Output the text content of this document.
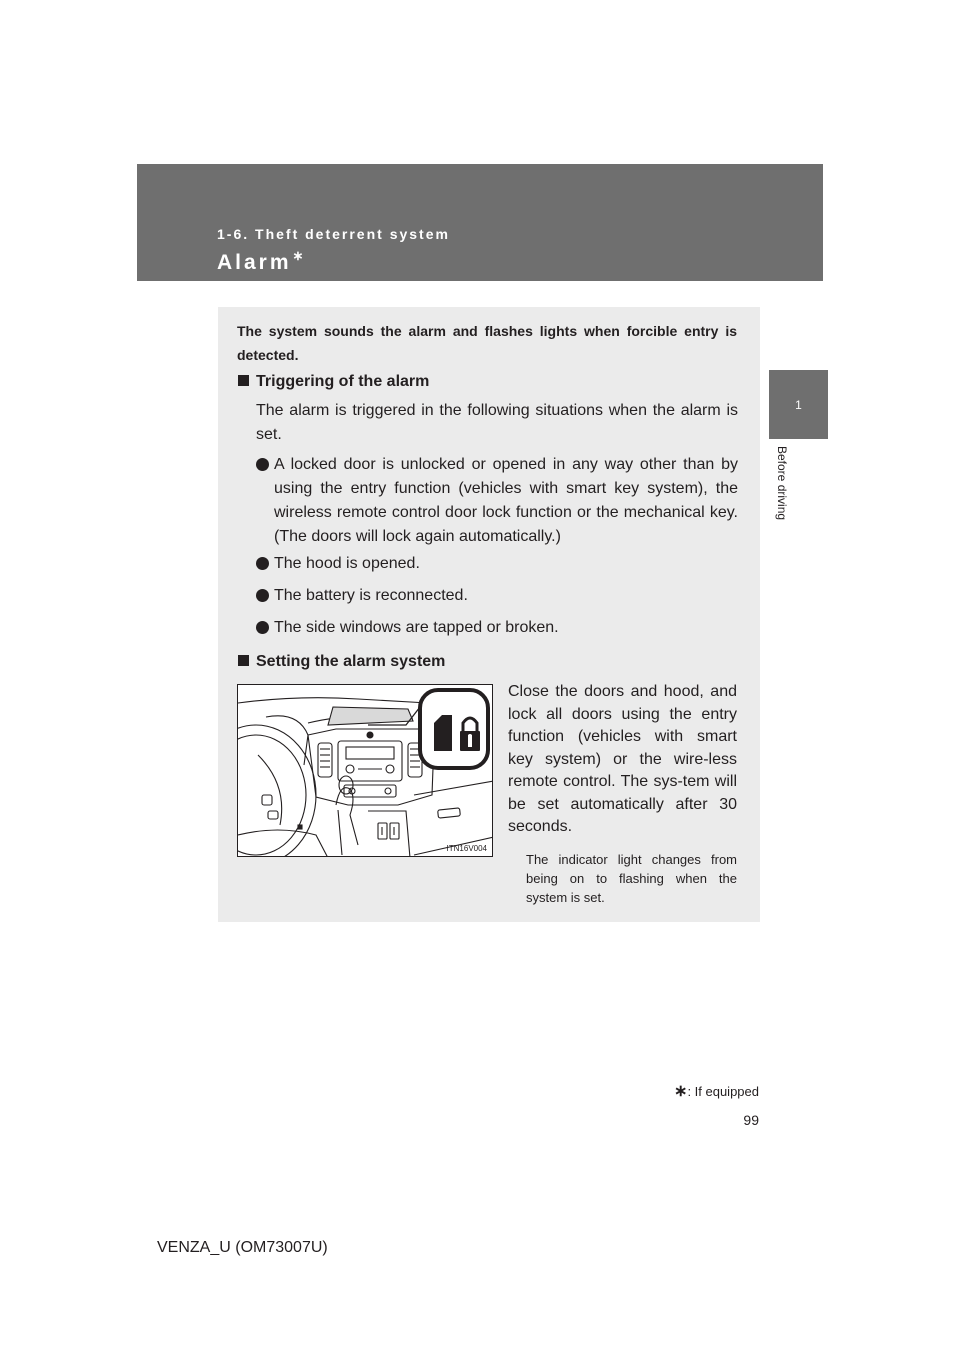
1-6. Theft deterrent system
Alarm∗
1
Before driving

The system sounds the alarm and flashes lights when forcible entry is detected.

Triggering of the alarm

The alarm is triggered in the following situations when the alarm is set.

A locked door is unlocked or opened in any way other than by using the entry function (vehicles with smart key system), the wireless remote control door lock function or the mechanical key. (The doors will lock again automatically.)
The hood is opened.
The battery is reconnected.
The side windows are tapped or broken.
Setting the alarm system
ITN16V004

Close the doors and hood, and lock all doors using the entry function (vehicles with smart key system) or the wire-less remote control. The sys-tem will be set automatically after 30 seconds.

The indicator light changes from being on to flashing when the system is set.

∗: If equipped
99
VENZA_U (OM73007U)
